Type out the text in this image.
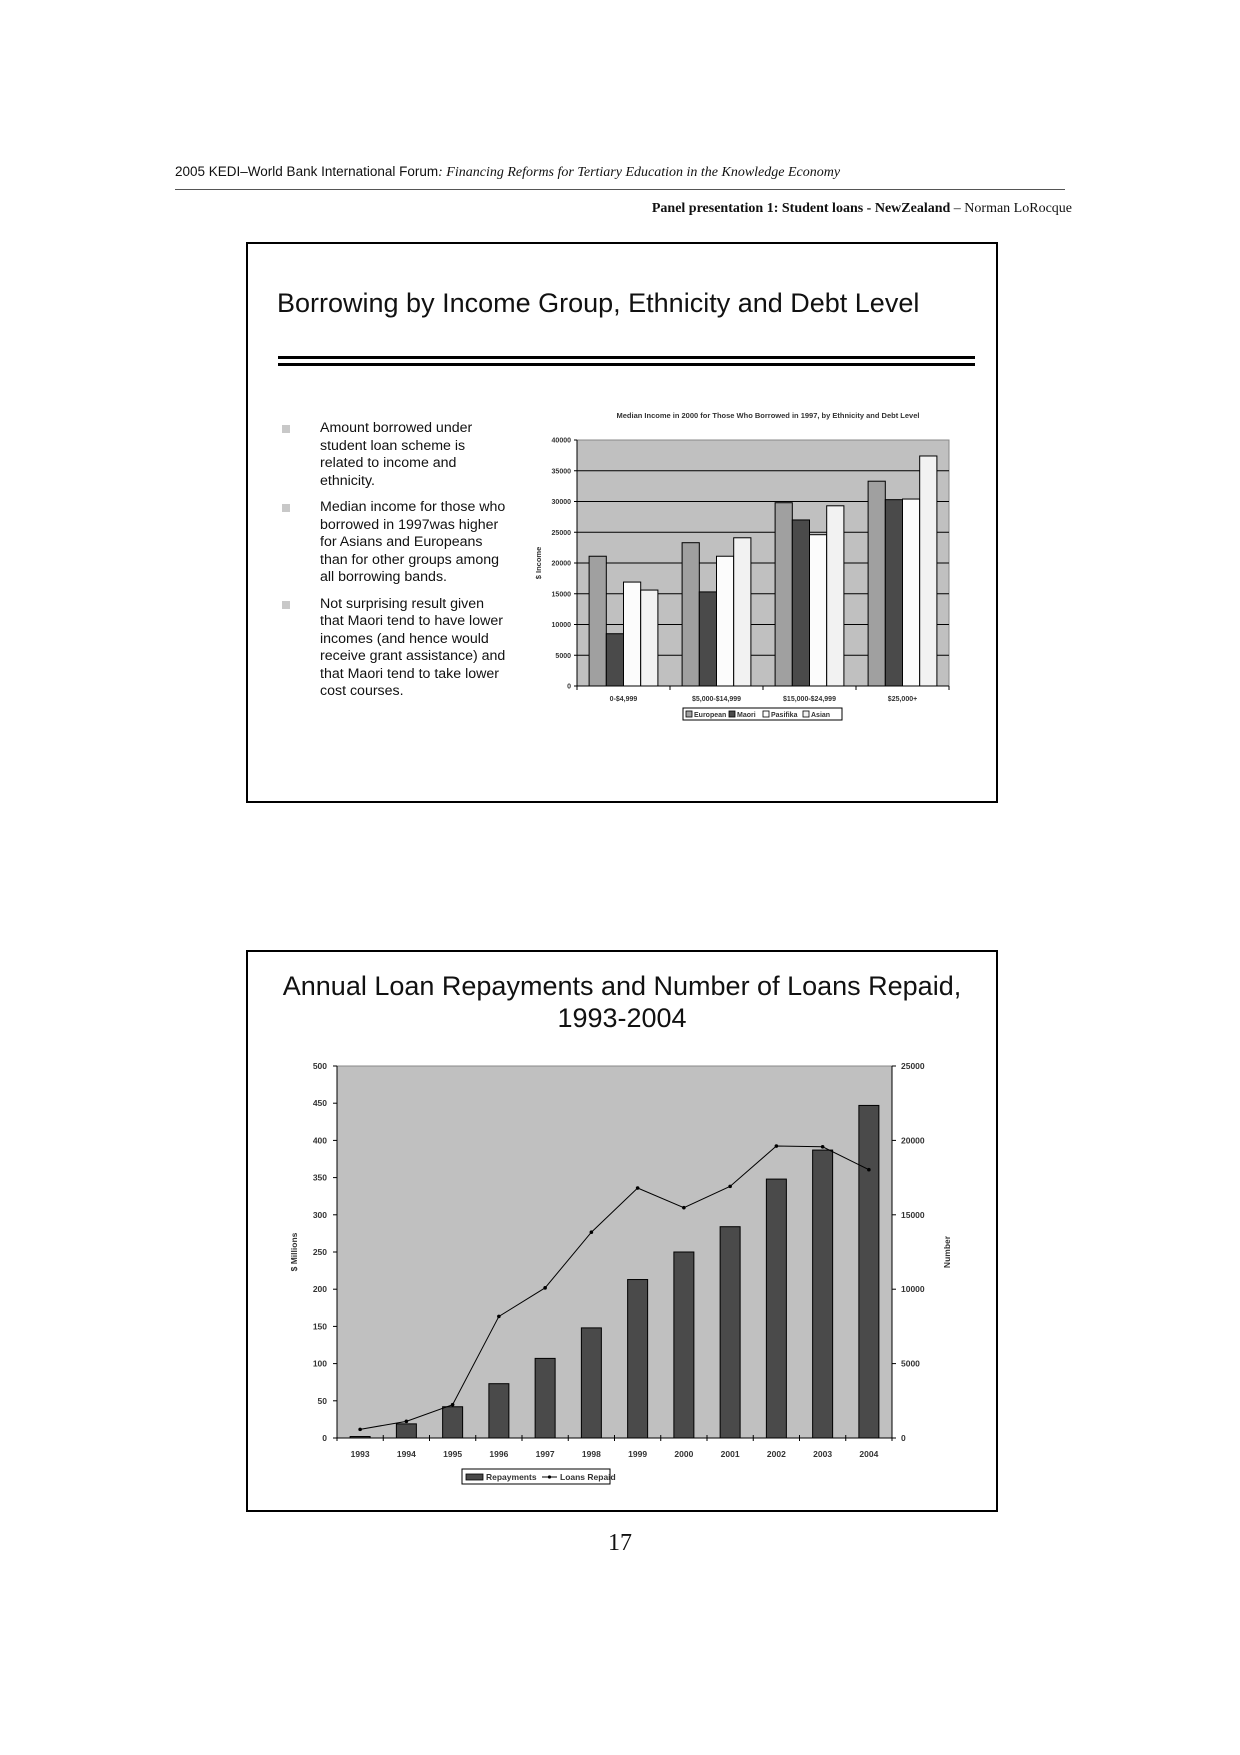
2005 KEDI–World Bank International Forum: Financing Reforms for Tertiary Education in the Knowledge Economy
Panel presentation 1: Student loans - NewZealand – Norman LoRocque
Borrowing by Income Group, Ethnicity and Debt Level
Amount borrowed under student loan scheme is related to income and ethnicity.
Median income for those who borrowed in 1997was higher for Asians and Europeans than for other groups among all borrowing bands.
Not surprising result given that Maori tend to have lower incomes (and hence would receive grant assistance) and that Maori tend to take lower cost courses.
Median Income in 2000 for Those Who Borrowed in 1997, by Ethnicity and Debt Level
0
5000
10000
15000
20000
25000
30000
35000
40000
$ Income
0-$4,999	$5,000-$14,999	$15,000-$24,999	$25,000+
European Maori Pasifika Asian
Annual Loan Repayments and Number of Loans Repaid,
1993-2004
0
50
100
150
200
250
300
350
400
450
500
0
5000
10000
15000
20000
25000
$ Millions	Number
1993	1994	1995	1996	1997	1998	1999	2000	2001	2002	2003	2004
Repayments	Loans Repaid
17
